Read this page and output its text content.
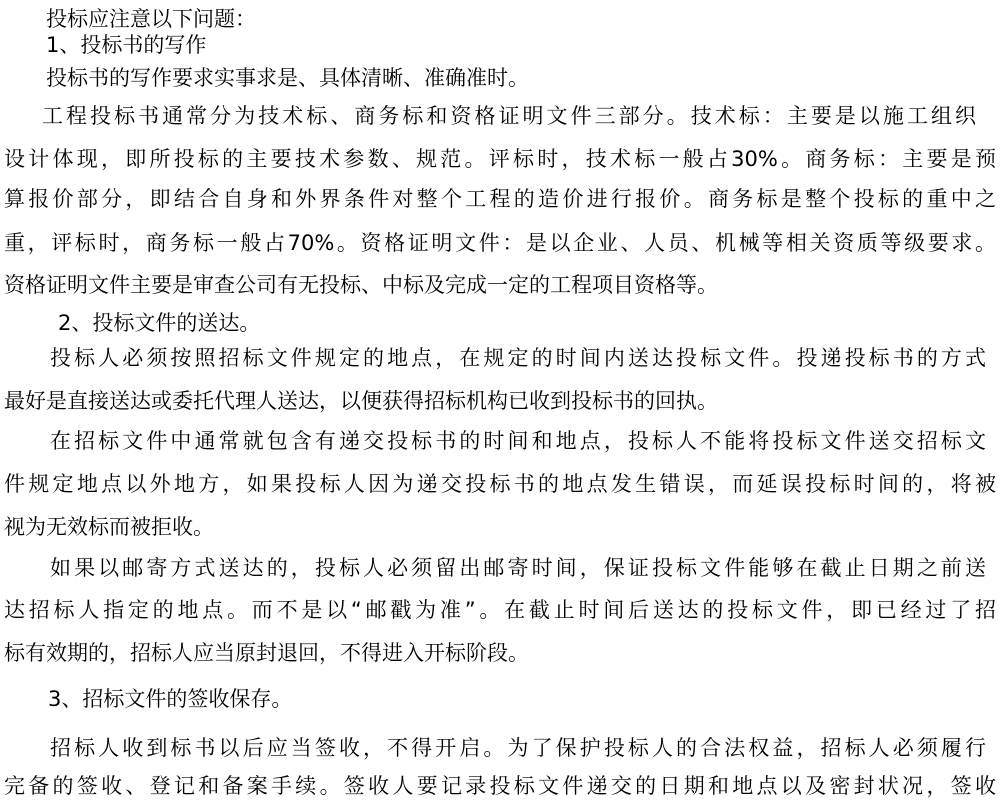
投标应注意以下问题：
1、投标书的写作
投标书的写作要求实事求是、具体清晰、准确准时。
工程投标书通常分为技术标、商务标和资格证明文件三部分。技术标：主要是以施工组织
设计体现，即所投标的主要技术参数、规范。评标时，技术标一般占30%。商务标：主要是预
算报价部分，即结合自身和外界条件对整个工程的造价进行报价。商务标是整个投标的重中之
重，评标时，商务标一般占70%。资格证明文件：是以企业、人员、机械等相关资质等级要求。
资格证明文件主要是审查公司有无投标、中标及完成一定的工程项目资格等。
2、投标文件的送达。
投标人必须按照招标文件规定的地点，在规定的时间内送达投标文件。投递投标书的方式
最好是直接送达或委托代理人送达，以便获得招标机构已收到投标书的回执。
在招标文件中通常就包含有递交投标书的时间和地点，投标人不能将投标文件送交招标文
件规定地点以外地方，如果投标人因为递交投标书的地点发生错误，而延误投标时间的，将被
视为无效标而被拒收。
如果以邮寄方式送达的，投标人必须留出邮寄时间，保证投标文件能够在截止日期之前送
达招标人指定的地点。而不是以“邮戳为准”。在截止时间后送达的投标文件，即已经过了招
标有效期的，招标人应当原封退回，不得进入开标阶段。
3、招标文件的签收保存。
招标人收到标书以后应当签收，不得开启。为了保护投标人的合法权益，招标人必须履行
完备的签收、登记和备案手续。签收人要记录投标文件递交的日期和地点以及密封状况，签收
